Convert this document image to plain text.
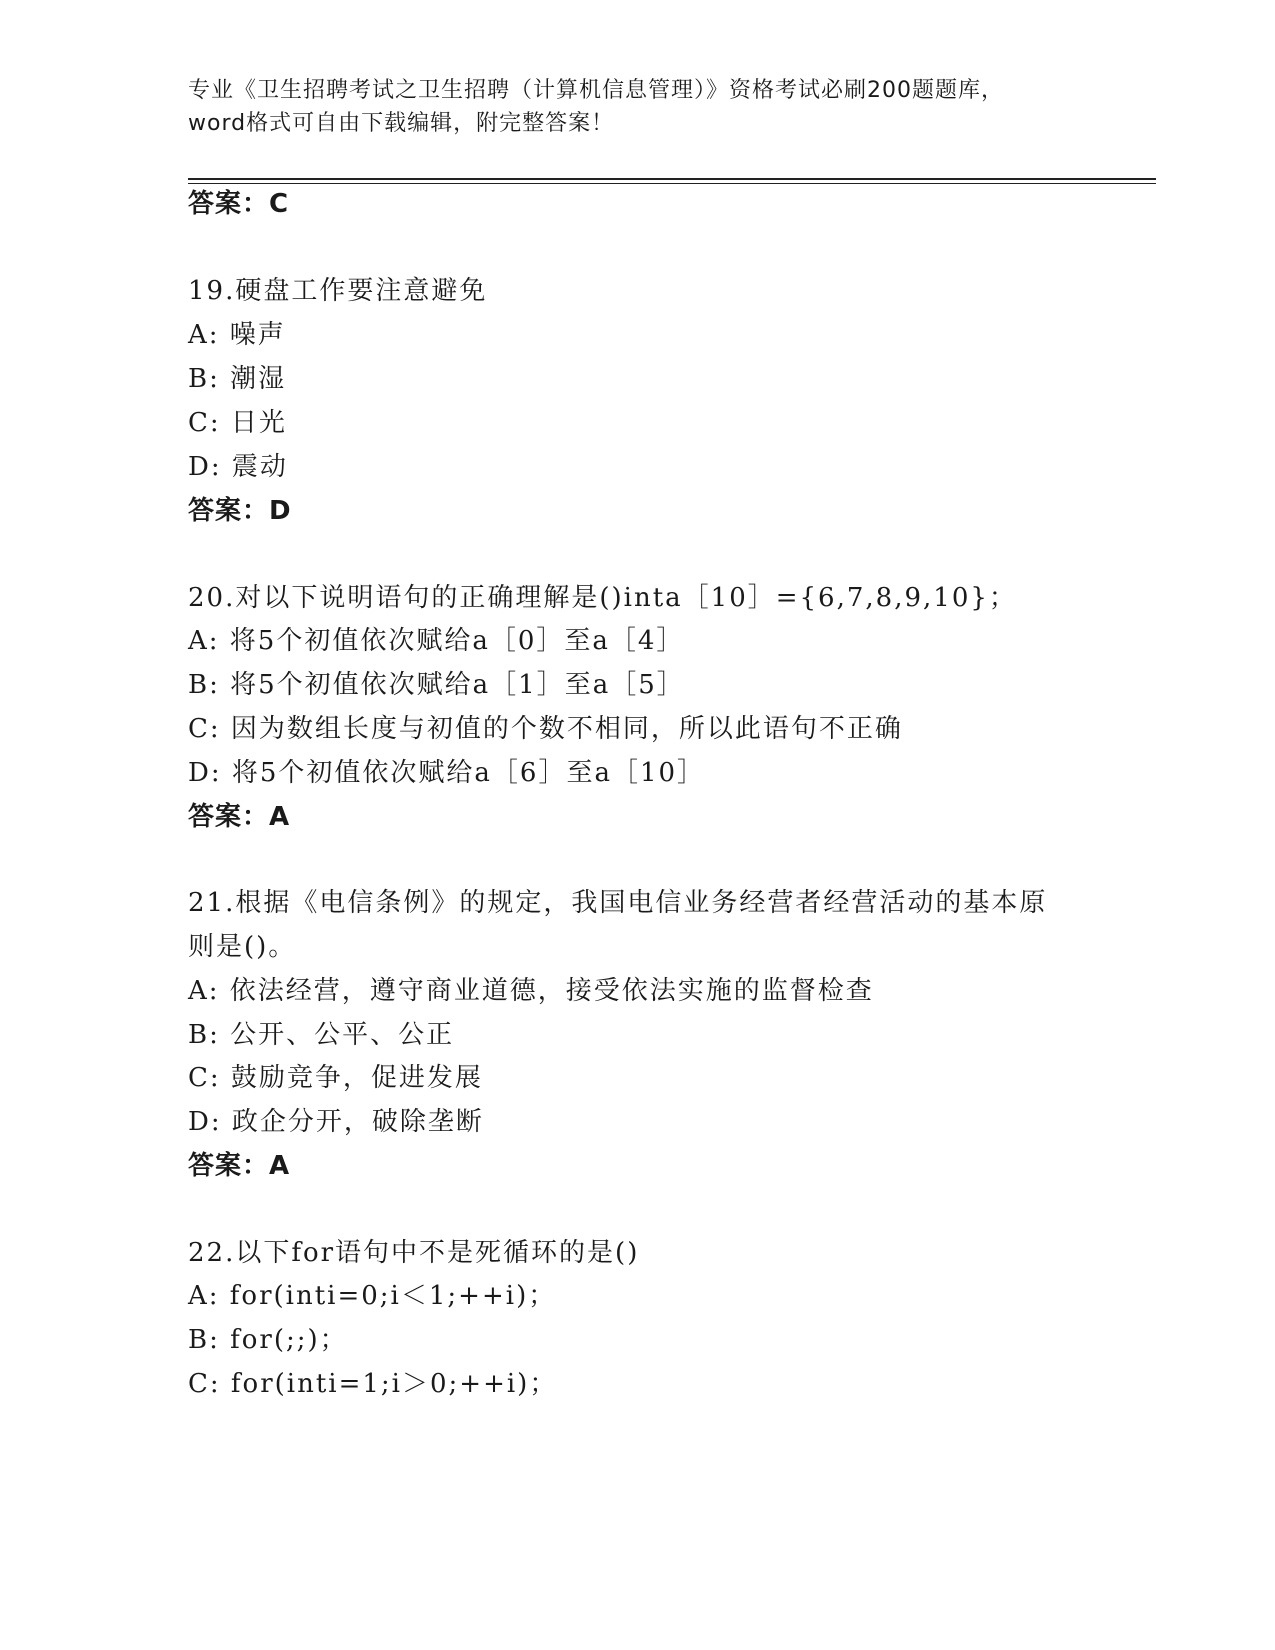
专业《卫生招聘考试之卫生招聘（计算机信息管理）》资格考试必刷200题题库，
word格式可自由下载编辑，附完整答案！
答案：C
19.硬盘工作要注意避免
A: 噪声
B: 潮湿
C: 日光
D: 震动
答案：D
20.对以下说明语句的正确理解是()inta［10］={6,7,8,9,10}；
A: 将5个初值依次赋给a［0］至a［4］
B: 将5个初值依次赋给a［1］至a［5］
C: 因为数组长度与初值的个数不相同，所以此语句不正确
D: 将5个初值依次赋给a［6］至a［10］
答案：A
21.根据《电信条例》的规定，我国电信业务经营者经营活动的基本原
则是()。
A: 依法经营，遵守商业道德，接受依法实施的监督检查
B: 公开、公平、公正
C: 鼓励竞争，促进发展
D: 政企分开，破除垄断
答案：A
22.以下for语句中不是死循环的是()
A: for(inti=0;i＜1;++i)；
B: for(;;)；
C: for(inti=1;i＞0;++i)；
